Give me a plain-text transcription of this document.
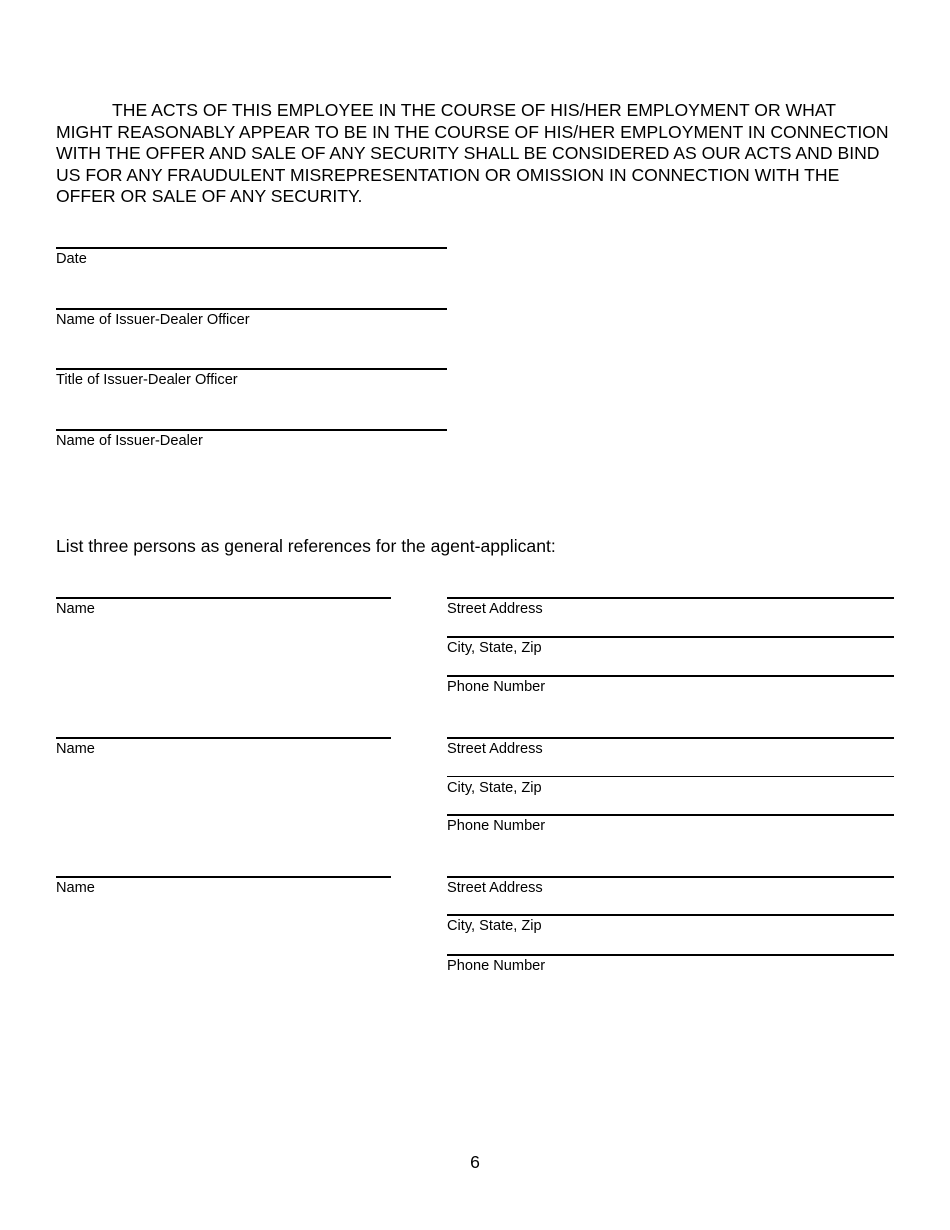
THE ACTS OF THIS EMPLOYEE IN THE COURSE OF HIS/HER EMPLOYMENT OR WHAT MIGHT REASONABLY APPEAR TO BE IN THE COURSE OF HIS/HER EMPLOYMENT IN CONNECTION WITH THE OFFER AND SALE OF ANY SECURITY SHALL BE CONSIDERED AS OUR ACTS AND BIND US FOR ANY FRAUDULENT MISREPRESENTATION OR OMISSION IN CONNECTION WITH THE OFFER OR SALE OF ANY SECURITY.

Date
Name of Issuer-Dealer Officer
Title of Issuer-Dealer Officer
Name of Issuer-Dealer
List three persons as general references for the agent-applicant:
Name	Street Address
City, State, Zip
Phone Number
Name	Street Address
City, State, Zip
Phone Number
Name	Street Address
City, State, Zip
Phone Number
6
